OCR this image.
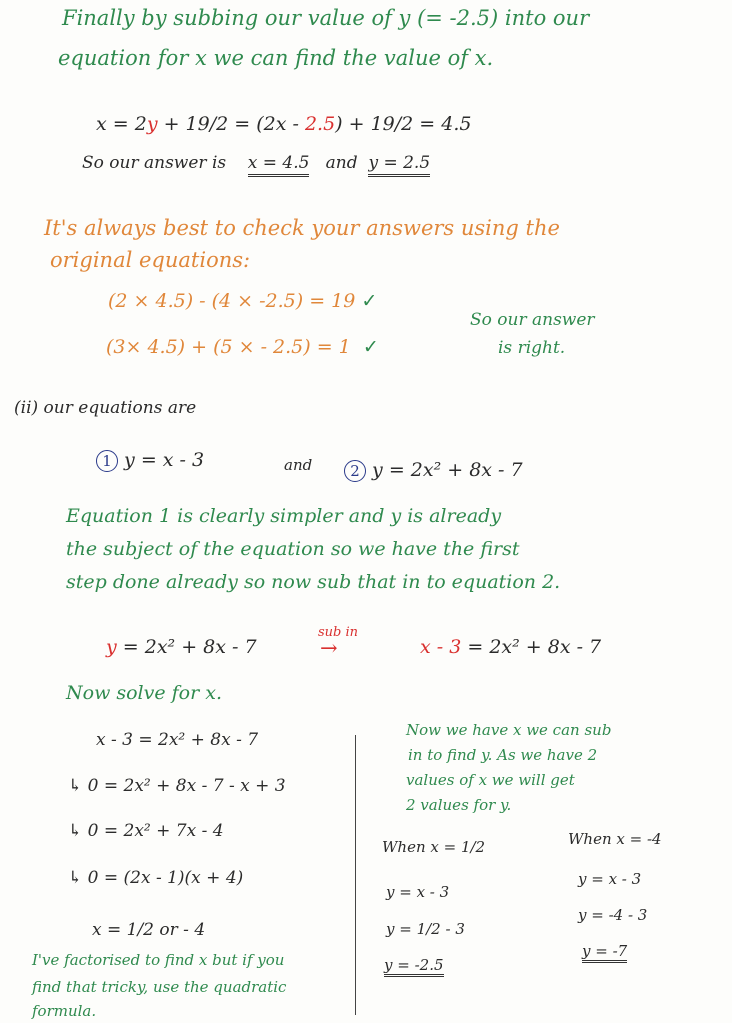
Finally by subbing our value of y (= -2.5) into our
equation for x we can find the value of x.
x = 2y + 19/2 = (2x - 2.5) + 19/2 = 4.5
So our answer is x = 4.5 and y = 2.5
It's always best to check your answers using the
original equations:
(2 × 4.5) - (4 × -2.5) = 19 ✓
(3× 4.5) + (5 × - 2.5) = 1 ✓
So our answer
is right.
(ii) our equations are
1 y = x - 3	and	2 y = 2x² + 8x - 7
Equation 1 is clearly simpler and y is already
the subject of the equation so we have the first
step done already so now sub that in to equation 2.
y = 2x² + 8x - 7
sub in
→	x - 3 = 2x² + 8x - 7
Now solve for x.
x - 3 = 2x² + 8x - 7
↳ 0 = 2x² + 8x - 7 - x + 3
↳ 0 = 2x² + 7x - 4
↳ 0 = (2x - 1)(x + 4)
x = 1/2 or - 4
I've factorised to find x but if you
find that tricky, use the quadratic
formula.
Now we have x we can sub
in to find y. As we have 2
values of x we will get
2 values for y.
When x = 1/2	When x = -4
y = x - 3
y = 1/2 - 3
y = -2.5
y = x - 3
y = -4 - 3
y = -7
